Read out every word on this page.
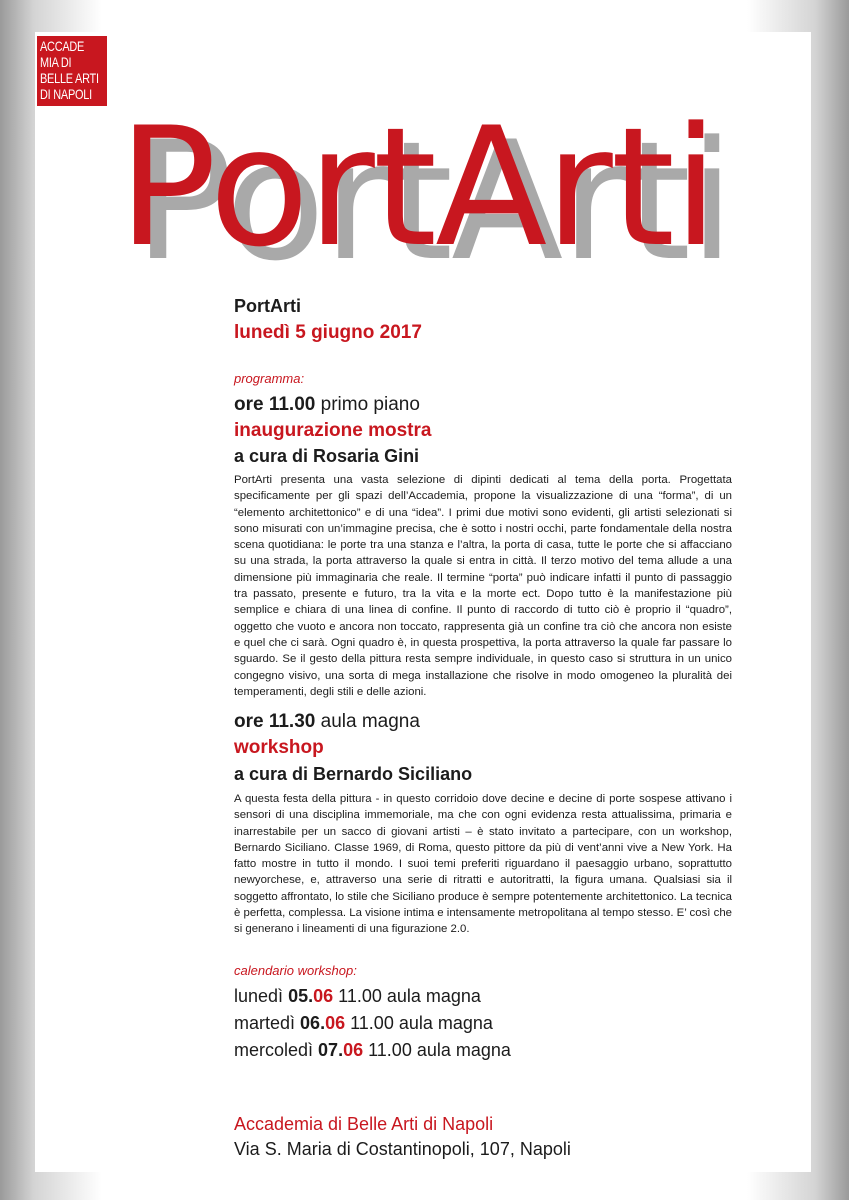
ACCADE
MIA DI
BELLE ARTI
DI NAPOLI PortArti
PortArti
lunedì 5 giugno 2017
programma:
ore 11.00 primo piano
inaugurazione mostra
a cura di Rosaria Gini

PortArti presenta una vasta selezione di dipinti dedicati al tema della porta. Progettata specificamente per gli spazi dell’Accademia, propone la visualizzazione di una “forma”, di un “elemento architettonico” e di una “idea”. I primi due motivi sono evidenti, gli artisti selezionati si sono misurati con un’immagine precisa, che è sotto i nostri occhi, parte fondamentale della nostra scena quotidiana: le porte tra una stanza e l’altra, la porta di casa, tutte le porte che si affacciano su una strada, la porta attraverso la quale si entra in città. Il terzo motivo del tema allude a una dimensione più immaginaria che reale. Il termine “porta” può indicare infatti il punto di passaggio tra passato, presente e futuro, tra la vita e la morte ect. Dopo tutto è la manifestazione più semplice e chiara di una linea di confine. Il punto di raccordo di tutto ciò è proprio il “quadro”, oggetto che vuoto e ancora non toccato, rappresenta già un confine tra ciò che ancora non esiste e quel che ci sarà. Ogni quadro è, in questa prospettiva, la porta attraverso la quale far passare lo sguardo. Se il gesto della pittura resta sempre individuale, in questo caso si struttura in un unico congegno visivo, una sorta di mega installazione che risolve in modo omogeneo la pluralità dei temperamenti, degli stili e delle azioni.

ore 11.30 aula magna
workshop
a cura di Bernardo Siciliano

A questa festa della pittura - in questo corridoio dove decine e decine di porte sospese attivano i sensori di una disciplina immemoriale, ma che con ogni evidenza resta attualissima, primaria e inarrestabile per un sacco di giovani artisti – è stato invitato a partecipare, con un workshop, Bernardo Siciliano. Classe 1969, di Roma, questo pittore da più di vent’anni vive a New York. Ha fatto mostre in tutto il mondo. I suoi temi preferiti riguardano il paesaggio urbano, soprattutto newyorchese, e, attraverso una serie di ritratti e autoritratti, la figura umana. Qualsiasi sia il soggetto affrontato, lo stile che Siciliano produce è sempre potentemente architettonico. La tecnica è perfetta, complessa. La visione intima e intensamente metropolitana al tempo stesso. E’ così che si generano i lineamenti di una figurazione 2.0.

calendario workshop:
lunedì 05.06 11.00 aula magna
martedì 06.06 11.00 aula magna
mercoledì 07.06 11.00 aula magna
Accademia di Belle Arti di Napoli
Via S. Maria di Costantinopoli, 107, Napoli
